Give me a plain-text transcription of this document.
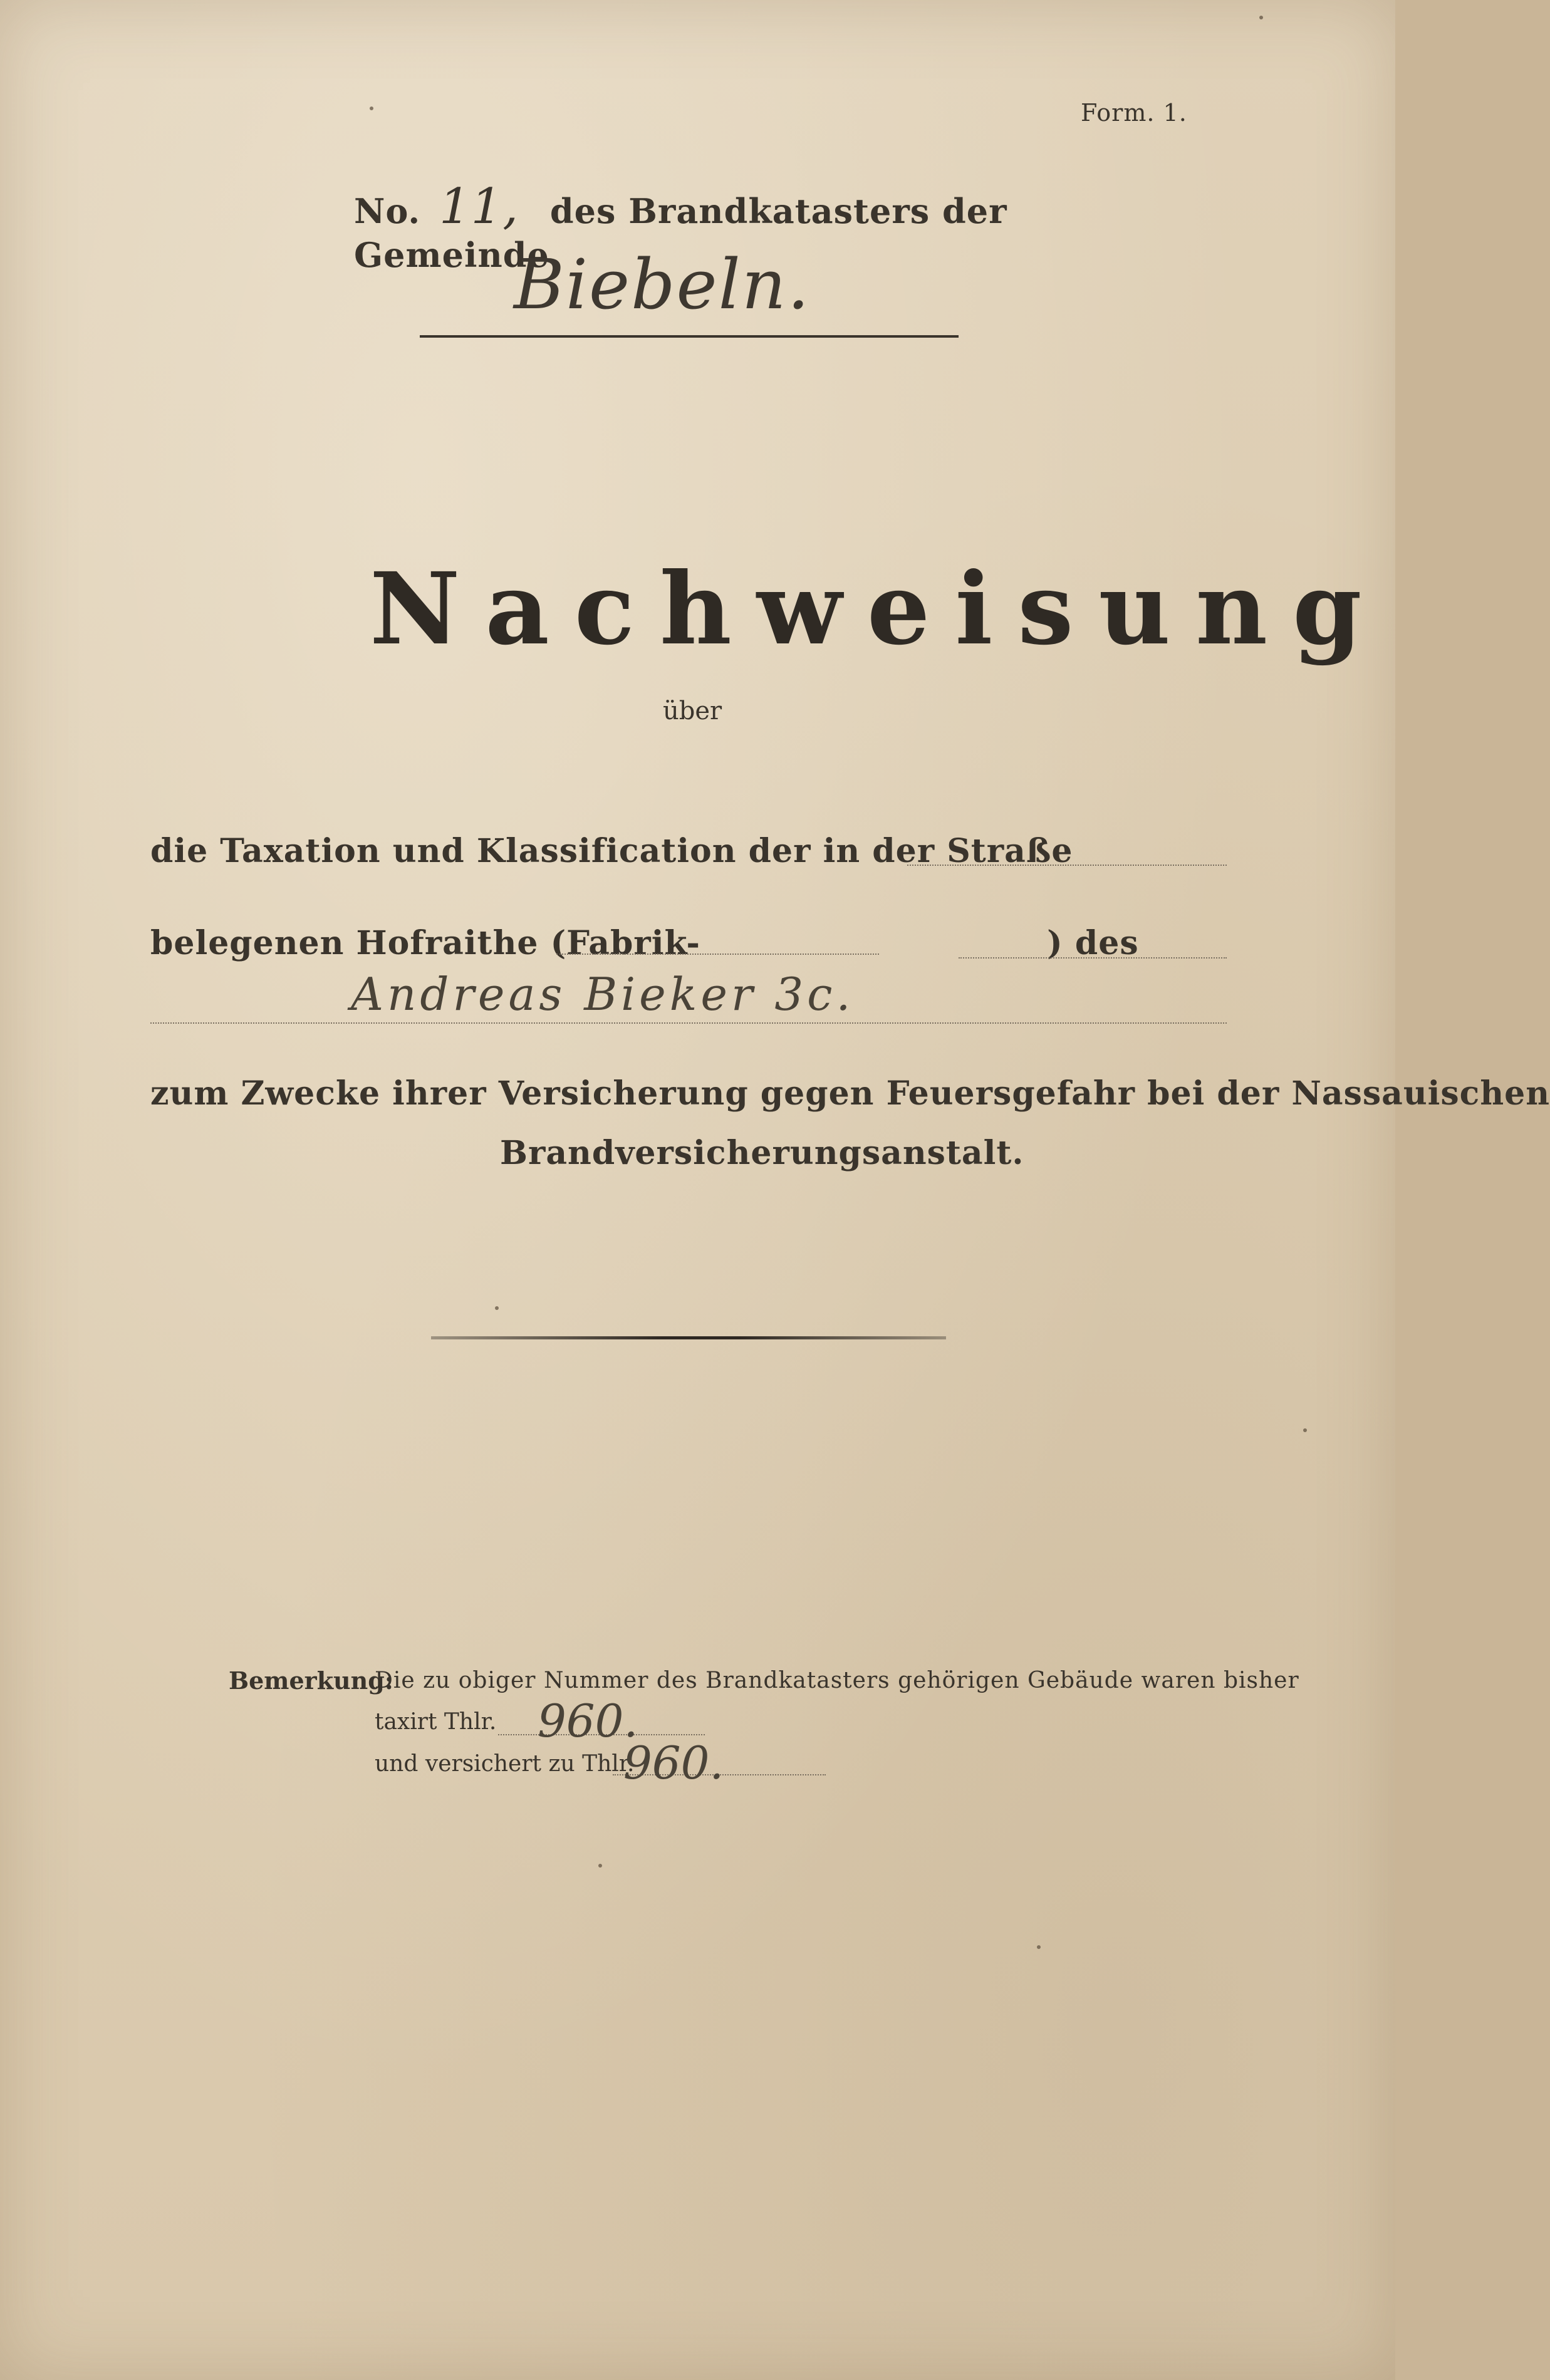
Form. 1.
No. 11, des Brandkatasters der Gemeinde
Biebeln.
Nachweisung
über
die Taxation und Klassification der in der Straße
belegenen Hofraithe (Fabrik-	) des
Andreas Bieker 3c.
zum Zwecke ihrer Versicherung gegen Feuersgefahr bei der Nassauischen
Brandversicherungsanstalt.
Bemerkung:
Die zu obiger Nummer des Brandkatasters gehörigen Gebäude waren bisher
taxirt Thlr. 960.
und versichert zu Thlr.
960.
